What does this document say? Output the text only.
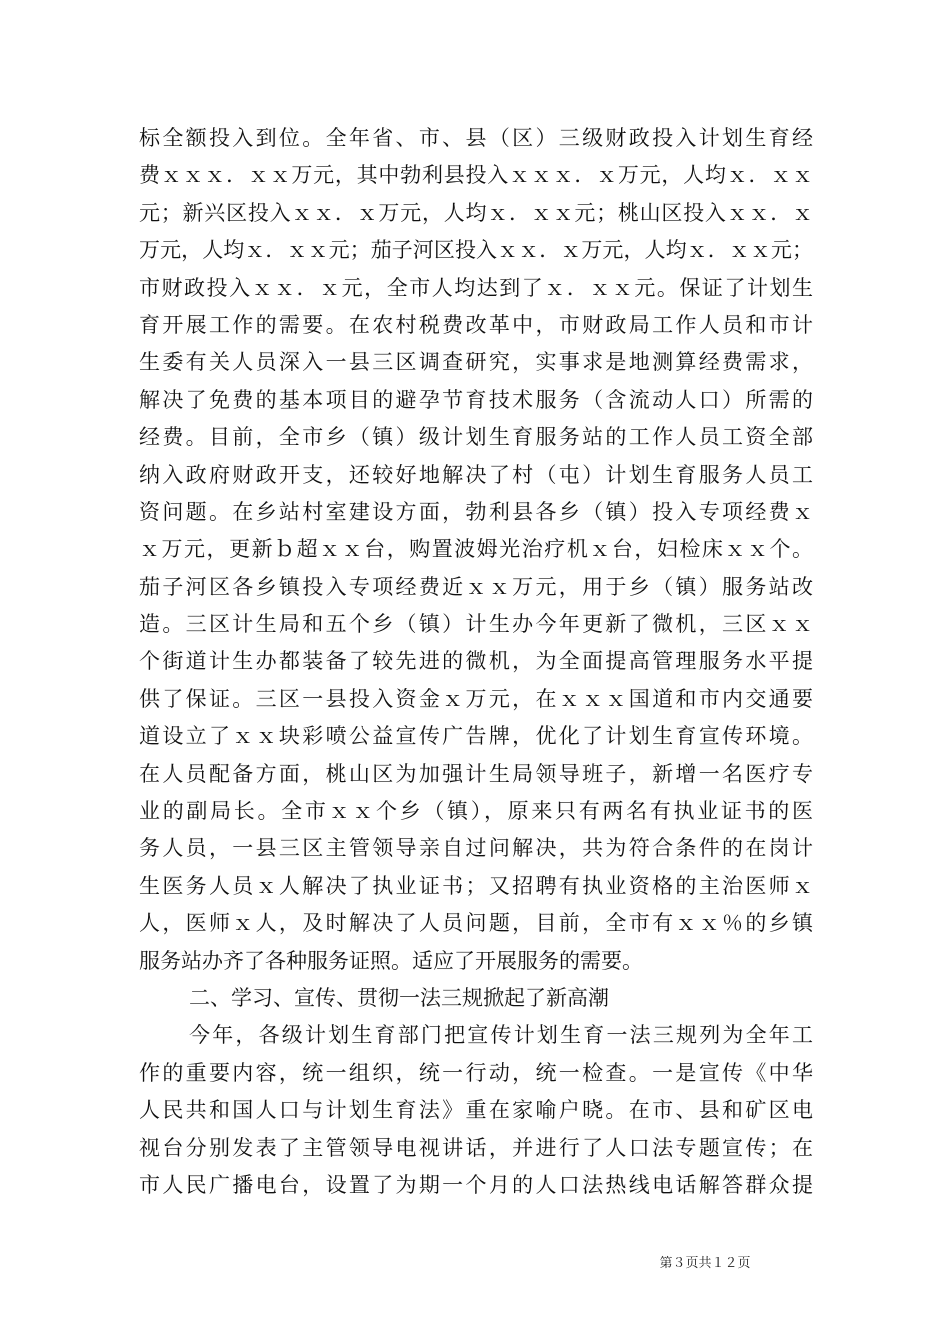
标全额投入到位。全年省、市、县（区）三级财政投入计划生育经
费ｘｘｘ．ｘｘ万元，其中勃利县投入ｘｘｘ．ｘ万元，人均ｘ．ｘｘ
元；新兴区投入ｘｘ．ｘ万元，人均ｘ．ｘｘ元；桃山区投入ｘｘ．ｘ
万元，人均ｘ．ｘｘ元；茄子河区投入ｘｘ．ｘ万元，人均ｘ．ｘｘ元；
市财政投入ｘｘ．ｘ元，全市人均达到了ｘ．ｘｘ元。保证了计划生
育开展工作的需要。在农村税费改革中，市财政局工作人员和市计
生委有关人员深入一县三区调查研究，实事求是地测算经费需求，
解决了免费的基本项目的避孕节育技术服务（含流动人口）所需的
经费。目前，全市乡（镇）级计划生育服务站的工作人员工资全部
纳入政府财政开支，还较好地解决了村（屯）计划生育服务人员工
资问题。在乡站村室建设方面，勃利县各乡（镇）投入专项经费ｘ
ｘ万元，更新ｂ超ｘｘ台，购置波姆光治疗机ｘ台，妇检床ｘｘ个。
茄子河区各乡镇投入专项经费近ｘｘ万元，用于乡（镇）服务站改
造。三区计生局和五个乡（镇）计生办今年更新了微机，三区ｘｘ
个街道计生办都装备了较先进的微机，为全面提高管理服务水平提
供了保证。三区一县投入资金ｘ万元，在ｘｘｘ国道和市内交通要
道设立了ｘｘ块彩喷公益宣传广告牌，优化了计划生育宣传环境。
在人员配备方面，桃山区为加强计生局领导班子，新增一名医疗专
业的副局长。全市ｘｘ个乡（镇），原来只有两名有执业证书的医
务人员，一县三区主管领导亲自过问解决，共为符合条件的在岗计
生医务人员ｘ人解决了执业证书；又招聘有执业资格的主治医师ｘ
人，医师ｘ人，及时解决了人员问题，目前，全市有ｘｘ％的乡镇
服务站办齐了各种服务证照。适应了开展服务的需要。
二、学习、宣传、贯彻一法三规掀起了新高潮
今年，各级计划生育部门把宣传计划生育一法三规列为全年工
作的重要内容，统一组织，统一行动，统一检查。一是宣传《中华
人民共和国人口与计划生育法》重在家喻户晓。在市、县和矿区电
视台分别发表了主管领导电视讲话，并进行了人口法专题宣传；在
市人民广播电台，设置了为期一个月的人口法热线电话解答群众提
第３页共１２页
